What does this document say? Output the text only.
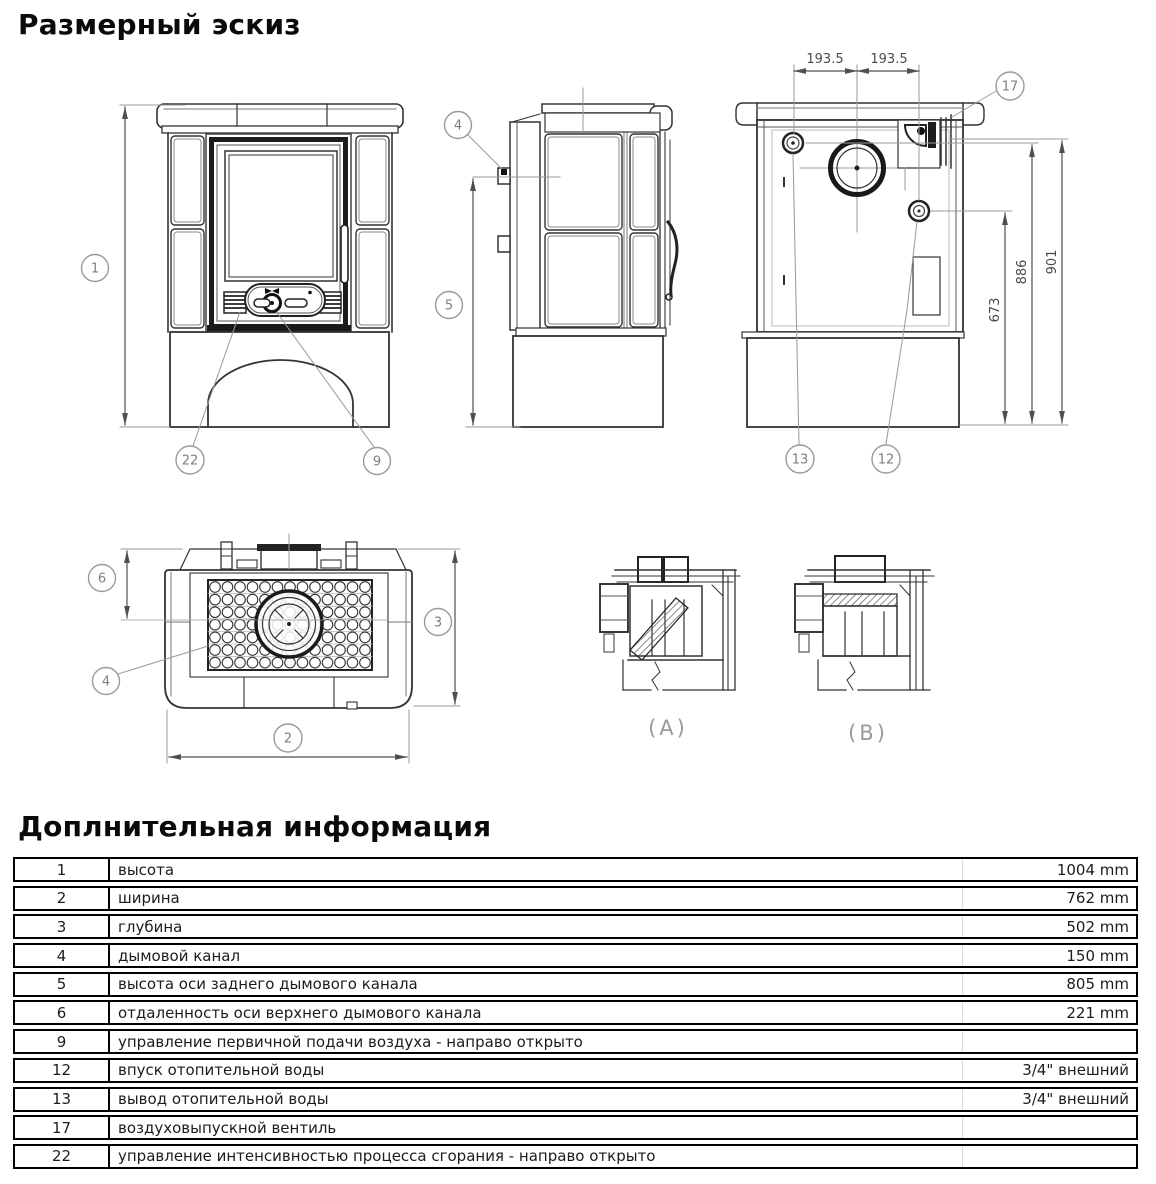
Размерный эскиз
193.5 193.5
673
886 901
(A)	(B)
1
22	9
4
5
17
13	12
6
3
4
2
Доплнительная информация
1	высота	1004 mm
2	ширина	762 mm
3	глубина	502 mm
4	дымовой канал	150 mm
5	высота оси заднего дымового канала	805 mm
6	отдаленность оси верхнего дымового канала	221 mm
9	управление первичной подачи воздуха - направо открыто
12	впуск отопительной воды	3/4" внешний
13	вывод отопительной воды	3/4" внешний
17	воздуховыпускной вентиль
22	управление интенсивностью процесса сгорания - направо открыто
